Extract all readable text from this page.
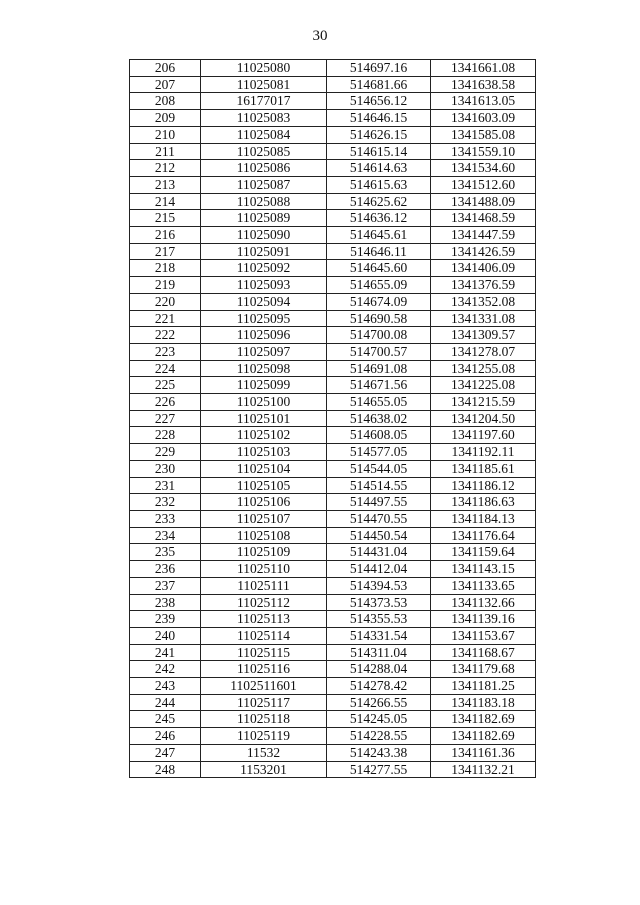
30
206	11025080	514697.16	1341661.08
207	11025081	514681.66	1341638.58
208	16177017	514656.12	1341613.05
209	11025083	514646.15	1341603.09
210	11025084	514626.15	1341585.08
211	11025085	514615.14	1341559.10
212	11025086	514614.63	1341534.60
213	11025087	514615.63	1341512.60
214	11025088	514625.62	1341488.09
215	11025089	514636.12	1341468.59
216	11025090	514645.61	1341447.59
217	11025091	514646.11	1341426.59
218	11025092	514645.60	1341406.09
219	11025093	514655.09	1341376.59
220	11025094	514674.09	1341352.08
221	11025095	514690.58	1341331.08
222	11025096	514700.08	1341309.57
223	11025097	514700.57	1341278.07
224	11025098	514691.08	1341255.08
225	11025099	514671.56	1341225.08
226	11025100	514655.05	1341215.59
227	11025101	514638.02	1341204.50
228	11025102	514608.05	1341197.60
229	11025103	514577.05	1341192.11
230	11025104	514544.05	1341185.61
231	11025105	514514.55	1341186.12
232	11025106	514497.55	1341186.63
233	11025107	514470.55	1341184.13
234	11025108	514450.54	1341176.64
235	11025109	514431.04	1341159.64
236	11025110	514412.04	1341143.15
237	11025111	514394.53	1341133.65
238	11025112	514373.53	1341132.66
239	11025113	514355.53	1341139.16
240	11025114	514331.54	1341153.67
241	11025115	514311.04	1341168.67
242	11025116	514288.04	1341179.68
243	1102511601	514278.42	1341181.25
244	11025117	514266.55	1341183.18
245	11025118	514245.05	1341182.69
246	11025119	514228.55	1341182.69
247	11532	514243.38	1341161.36
248	1153201	514277.55	1341132.21
